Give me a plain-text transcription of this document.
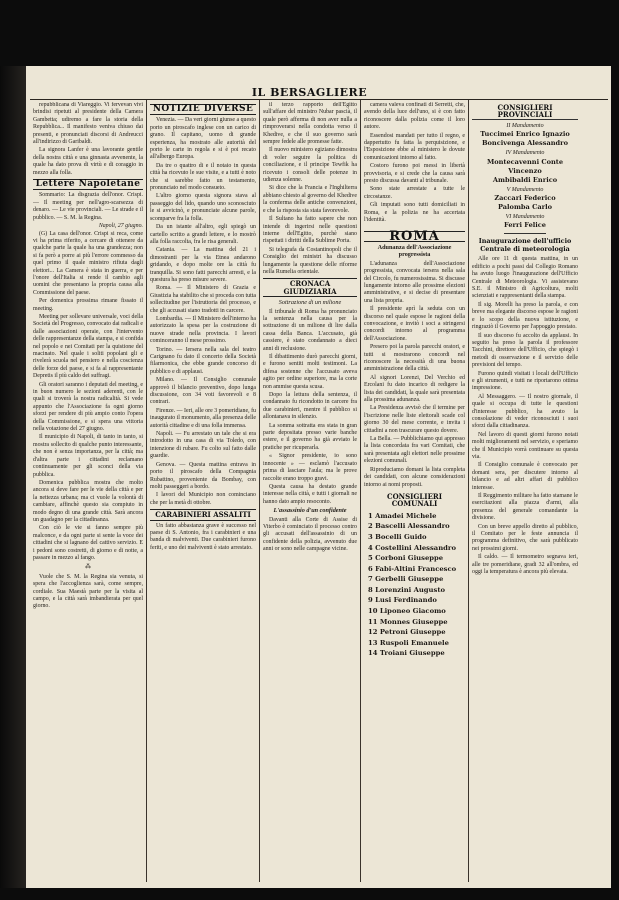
IL BERSAGLIERE

repubblicana di Viareggio. Vi fervevan vivi brindisi ripetuti al presidente della Camera Gambetta; udiremo a fare la storia della Repubblica... Il manifesto veniva chiuso dai presenti, e pronunciati discorsi di Andreucci all'indirizzo di Garibaldi.

La signora Lanfer è una lavorante gentile della nostra città e una ginnasta avvenente, la quale ha dato prova di virtù e di coraggio in mezzo alla folla.

Lettere Napoletane

Sommario: La disgrazia dell'onor. Crispi. — Il meeting per nell'agro-scarsezza di denaro. — Le vie provinciali. — Le strade e il pubblico. — S. M. la Regina.

Napoli, 27 giugno.

(G) La casa dell'onor. Crispi si reca, come vi ha prima riferito, a cercare di ottenere da qualche parte la quale ha una grandezza; non si fa però a porre ai più l'errore commesso da quel primo il quale ministro rifiuta dagli elettori... La Camera è stata in guerra, e per l'onore dell'Italia si rende il cambio agli uomini che presentano la propria causa alla Commissione del paese.

Per domenica prossima rimane fissato il meeting.

Meeting per sollevare universale, voci della Società del Progresso, convocato dai radicali e dalle associazioni operaie, con l'intervento delle rappresentanze della stampa, e si confida nel popolo e nei Comitati per la quistione del macinato. Nel quale i soliti popolani gli e rivelerà scuola nel pensiero e nella coscienza delle forze del paese, e si fa al rappresentante Depretis il più caldo dei suffragi.

Gli oratori saranno i deputati del meeting, e in buon numero le sezioni aderenti, con le quali si troverà la nostra radicalità. Si vede appunto che l'Associazione fa ogni giorno sforzi per rendere di più ampio conto l'opera della Commissione, e si spera una vittoria nella votazione del 27 giugno.

Il municipio di Napoli, di tanto in tanto, si mostra sollecito di qualche punto interessante, che non è senza importanza, per la città; ma d'altra parte i cittadini reclamano continuamente per gli sconci della via pubblica.

Domenica pubblica mostra che molto ancora si deve fare per le vie della città e per la nettezza urbana; ma ci vuole la volontà di cambiare, affinchè questo sia compiuto in modo degno di una grande città. Sarà ancora un guadagno per la cittadinanza.

Con ciò le vie si fanno sempre più malconce, e da ogni parte si sente la voce dei cittadini che si lagnano del cattivo servizio. E i pedoni sono costretti, di giorno e di notte, a passare in mezzo al fango.

⁂

Vuole che S. M. la Regina sia venuta, si spera che l'accoglienza sarà, come sempre, cordiale. Sua Maestà parte per la visita al campo, e la città sarà imbandierata per quel giorno.

NOTIZIE DIVERSE

Venezia. — Da veri giorni giunse a questo porto un piroscafo inglese con un carico di grano. Il capitano, uomo di grande esperienza, ha mostrato alle autorità del porto le carte in regola e si è poi recato all'albergo Europa.

Da tre o quattro di e il notaio in questa città ha ricevuto le sue visite, e a tutti è noto che si sarebbe fatto un testamento, pronunciato nel modo consueto.

L'altro giorno questa signora stava al passeggio del lido, quando uno sconosciuto le si avvicinò, e pronunciate alcune parole, scomparve fra la folla.

Da un istante all'altro, egli spiegò un cartello scritto a grandi lettere, e lo mostrò alla folla raccolta, fra le risa generali.

Catania. — La mattina del 21 i dimostranti per la via Etnea andarono gridando, e dopo molte ore la città fu tranquilla. Si sono fatti parecchi arresti, e la questura ha preso misure severe.

Roma. — Il Ministero di Grazia e Giustizia ha stabilito che si proceda con tutta sollecitudine per l'istruttoria del processo, e che gli accusati siano tradotti in carcere.

Lombardia. — Il Ministero dell'interno ha autorizzato la spesa per la costruzione di nuove strade nella provincia. I lavori cominceranno il mese prossimo.

Torino. — Iersera nella sala del teatro Carignano fu dato il concerto della Società filarmonica, che ebbe grande concorso di pubblico e di applausi.

Milano. — Il Consiglio comunale approvò il bilancio preventivo, dopo lunga discussione, con 34 voti favorevoli e 8 contrari.

Firenze. — Ieri, alle ore 3 pomeridiane, fu inaugurato il monumento, alla presenza delle autorità cittadine e di una folla immensa.

Napoli. — Fu arrestato un tale che si era introdotto in una casa di via Toledo, con intenzione di rubare. Fu colto sul fatto dalle guardie.

Genova. — Questa mattina entrava in porto il piroscafo della Compagnia Rubattino, proveniente da Bombay, con molti passeggeri a bordo.

I lavori del Municipio non cominciano che per la metà di ottobre.

CARABINIERI ASSALITI

Un fatto abbastanza grave è successo nel paese di S. Antonio, fra i carabinieri e una banda di malviventi. Due carabinieri furono feriti, e uno dei malviventi è stato arrestato.

il terzo rapporto dell'Egitto sull'affare del ministro Nubar pascià, il quale però afferma di non aver nulla a rimproverarsi nella condotta verso il Khedive, e che il suo governo sarà sempre fedele alle promesse fatte.

Il nuovo ministero egiziano dimostra di voler seguire la politica di conciliazione, e il principe Tewfik ha ricevuto i consoli delle potenze in udienza solenne.

Si dice che la Francia e l'Inghilterra abbiano chiesto al governo del Khedive la conferma delle antiche convenzioni, e che la risposta sia stata favorevole.

Il Sultano ha fatto sapere che non intende di ingerirsi nelle questioni interne dell'Egitto, purchè siano rispettati i diritti della Sublime Porta.

Si telegrafa da Costantinopoli che il Consiglio dei ministri ha discusso lungamente la questione delle riforme nella Rumelia orientale.

CRONACA GIUDIZIARIA
Sottrazione di un milione

Il tribunale di Roma ha pronunciato la sentenza nella causa per la sottrazione di un milione di lire dalla cassa della Banca. L'accusato, già cassiere, è stato condannato a dieci anni di reclusione.

Il dibattimento durò parecchi giorni, e furono sentiti molti testimoni. La difesa sostenne che l'accusato aveva agito per ordine superiore, ma la corte non ammise questa scusa.

Dopo la lettura della sentenza, il condannato fu ricondotto in carcere fra due carabinieri, mentre il pubblico si allontanava in silenzio.

La somma sottratta era stata in gran parte depositata presso varie banche estere, e il governo ha già avviato le pratiche per ricuperarla.

« Signor presidente, io sono innocente » — esclamò l'accusato prima di lasciare l'aula; ma le prove raccolte erano troppo gravi.

Questa causa ha destato grande interesse nella città, e tutti i giornali ne hanno dato ampio resoconto.

L'assassinio d'un confidente

Davanti alla Corte di Assise di Viterbo è cominciato il processo contro gli accusati dell'assassinio di un confidente della polizia, avvenuto due anni or sono nelle campagne vicine.

camera valeva confinati di Serretti, che, avendo della luce dell'uno, si è con fatto riconoscere dalla polizia come il loro autore.

Essendosi mandati per tutto il regno, e dappertutto fu fatta la perquisizione, e l'Esposizione ebbe al ministero le dovute comunicazioni intorno al fatto.

Costoro furono poi messi in libertà provvisoria, e si crede che la causa sarà presto discussa davanti al tribunale.

Sono state arrestate a tutte le circostanze.

Gli imputati sono tutti domiciliati in Roma, e la polizia ne ha accertata l'identità.

ROMA
Adunanza dell'Associazione progressista

L'adunanza dell'Associazione progressista, convocata iersera nella sala del Circolo, fu numerosissima. Si discusse lungamente intorno alle prossime elezioni amministrative, e si decise di presentare una lista propria.

Il presidente aprì la seduta con un discorso nel quale espose le ragioni della convocazione, e invitò i soci a stringersi concordi intorno al programma dell'Associazione.

Presero poi la parola parecchi oratori, e tutti si mostrarono concordi nel riconoscere la necessità di una buona amministrazione della città.

Al signori Lorenzi, Del Verchio ed Ercolani fu dato incarico di redigere la lista dei candidati, la quale sarà presentata alla prossima adunanza.

La Presidenza avvisò che il termine per l'iscrizione nelle liste elettorali scade col giorno 30 del mese corrente, e invita i cittadini a non trascurare questo dovere.

La Bella. — Pubblichiamo qui appresso la lista concordata fra vari Comitati, che sarà presentata agli elettori nelle prossime elezioni comunali.

Riproduciamo domani la lista completa dei candidati, con alcune considerazioni intorno ai nomi proposti.

CONSIGLIERI COMUNALI
1 Amadei Michele
2 Bascelli Alessandro
3 Bocelli Guido
4 Costellini Alessandro
5 Corboni Giuseppe
6 Fabi-Altini Francesco
7 Gerbelli Giuseppe
8 Lorenzini Augusto
9 Lusi Ferdinando
10 Liponeo Giacomo
11 Monnes Giuseppe
12 Petroni Giuseppe
13 Ruspoli Emanuele
14 Troiani Giuseppe
CONSIGLIERI PROVINCIALI
II Mandamento
Tuccimei Enrico Ignazio
Boncivenga Alessandro
IV Mandamento
Montecavenni Conte Vincenzo
Ambibaldi Enrico
V Mandamento
Zaccari Federico
Palomba Carlo
VI Mandamento
Ferri Felice
Inaugurazione dell'ufficio Centrale di meteorologia

Alle ore 11 di questa mattina, in un edificio a pochi passi dal Collegio Romano ha avuto luogo l'inaugurazione dell'Ufficio Centrale di Meteorologia. Vi assistevano S.E. il Ministro di Agricoltura, molti scienziati e rappresentanti della stampa.

Il sig. Morelli ha preso la parola, e con breve ma elegante discorso espose le ragioni e lo scopo della nuova istituzione, e ringraziò il Governo per l'appoggio prestato.

Il suo discorso fu accolto da applausi. In seguito ha preso la parola il professore Tacchini, direttore dell'Ufficio, che spiegò i metodi di osservazione e il servizio delle previsioni del tempo.

Furono quindi visitati i locali dell'Ufficio e gli strumenti, e tutti ne riportarono ottima impressione.

Al Messaggero. — Il nostro giornale, il quale si occupa di tutte le questioni d'interesse pubblico, ha avuto la consolazione di veder riconosciuti i suoi sforzi dalla cittadinanza.

Nel lavoro di questi giorni furono notati molti miglioramenti nel servizio, e speriamo che il Municipio vorrà continuare su questa via.

Il Consiglio comunale è convocato per domani sera, per discutere intorno al bilancio e ad altri affari di pubblico interesse.

Il Reggimento militare ha fatto stamane le esercitazioni alla piazza d'armi, alla presenza del generale comandante la divisione.

Con un breve appello diretto al pubblico, il Comitato per le feste annuncia il programma definitivo, che sarà pubblicato nei prossimi giorni.

Il caldo. — Il termometro segnava ieri, alle tre pomeridiane, gradi 32 all'ombra, ed oggi la temperatura è ancora più elevata.
